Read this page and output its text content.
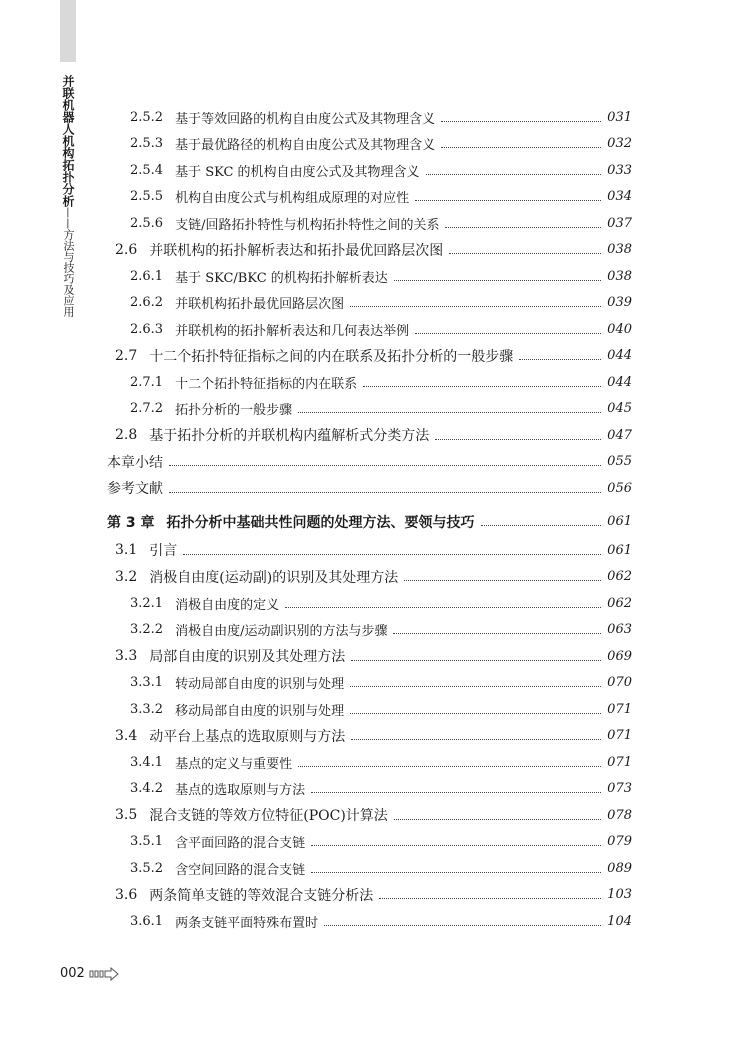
并联机器人机构拓扑分析——方法与技巧及应用
2.5.2 基于等效回路的机构自由度公式及其物理含义	031
2.5.3 基于最优路径的机构自由度公式及其物理含义	032
2.5.4 基于 SKC 的机构自由度公式及其物理含义	033
2.5.5 机构自由度公式与机构组成原理的对应性	034
2.5.6 支链/回路拓扑特性与机构拓扑特性之间的关系	037
2.6 并联机构的拓扑解析表达和拓扑最优回路层次图	038
2.6.1 基于 SKC/BKC 的机构拓扑解析表达	038
2.6.2 并联机构拓扑最优回路层次图	039
2.6.3 并联机构的拓扑解析表达和几何表达举例	040
2.7 十二个拓扑特征指标之间的内在联系及拓扑分析的一般步骤	044
2.7.1 十二个拓扑特征指标的内在联系	044
2.7.2 拓扑分析的一般步骤	045
2.8 基于拓扑分析的并联机构内蕴解析式分类方法	047
本章小结	055
参考文献	056
第 3 章 拓扑分析中基础共性问题的处理方法、要领与技巧	061
3.1 引言	061
3.2 消极自由度(运动副)的识别及其处理方法	062
3.2.1 消极自由度的定义	062
3.2.2 消极自由度/运动副识别的方法与步骤	063
3.3 局部自由度的识别及其处理方法	069
3.3.1 转动局部自由度的识别与处理	070
3.3.2 移动局部自由度的识别与处理	071
3.4 动平台上基点的选取原则与方法	071
3.4.1 基点的定义与重要性	071
3.4.2 基点的选取原则与方法	073
3.5 混合支链的等效方位特征(POC)计算法	078
3.5.1 含平面回路的混合支链	079
3.5.2 含空间回路的混合支链	089
3.6 两条简单支链的等效混合支链分析法	103
3.6.1 两条支链平面特殊布置时	104
002
